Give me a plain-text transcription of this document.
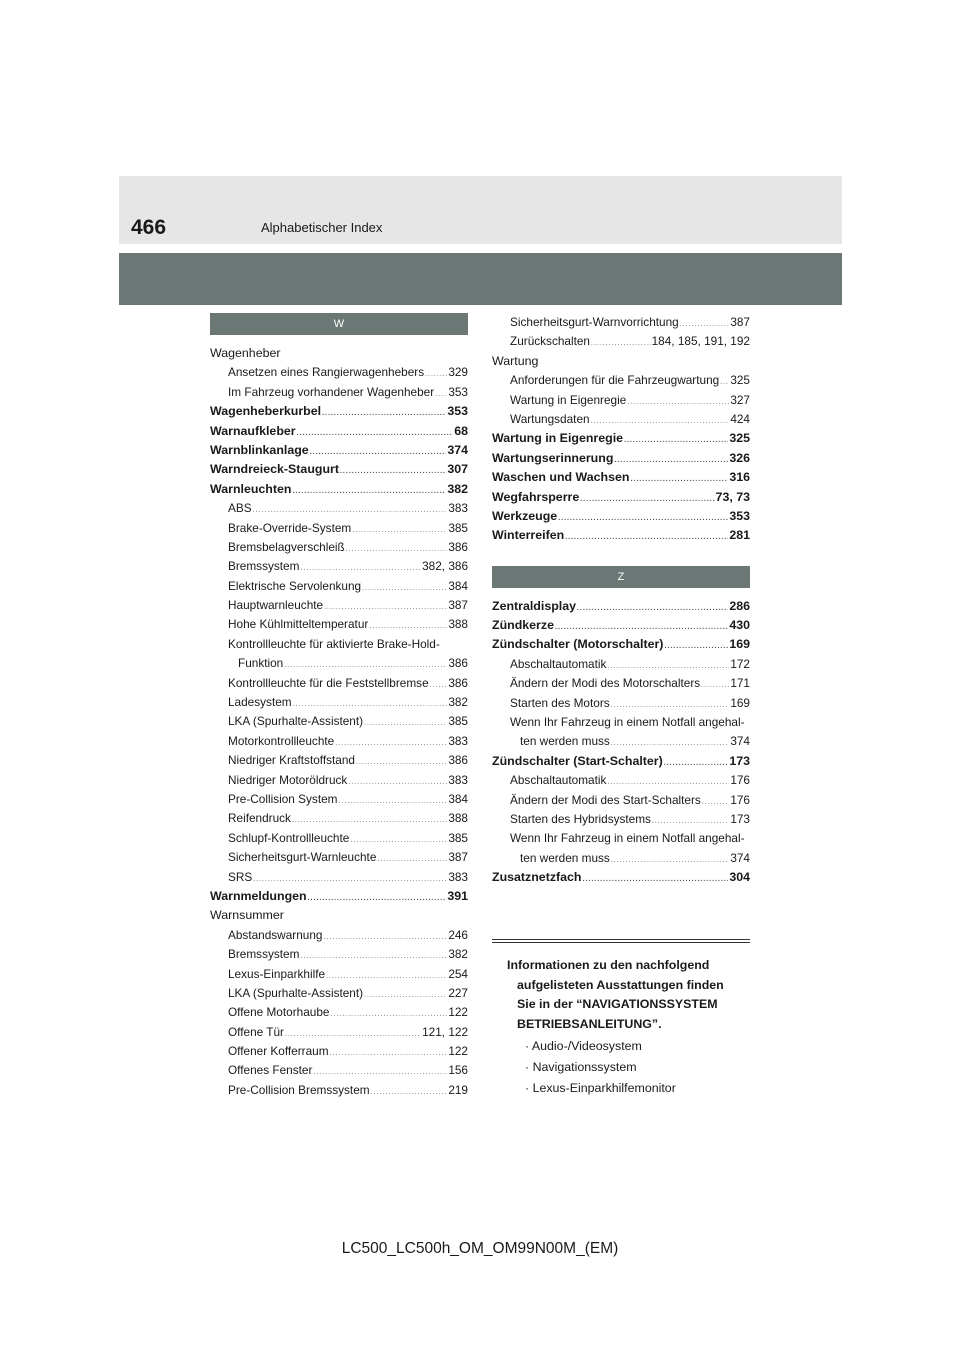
466	Alphabetischer Index
W
Wagenheber
Ansetzen eines Rangierwagenhebers ..... 329
Im Fahrzeug vorhandener Wagenheber ..... 353
Wagenheberkurbel .....	353
Warnaufkleber .....	68
Warnblinkanlage .....	374
Warndreieck-Staugurt .....	307
Warnleuchten .....	382
ABS .....	383
Brake-Override-System .....	385
Bremsbelagverschleiß .....	386
Bremssystem .....	382, 386
Elektrische Servolenkung .....	384
Hauptwarnleuchte .....	387
Hohe Kühlmitteltemperatur .....	388
Kontrollleuchte für aktivierte Brake-Hold-
Funktion .....	386
Kontrollleuchte für die Feststellbremse ..... 386
Ladesystem .....	382
LKA (Spurhalte-Assistent) .....	385
Motorkontrollleuchte .....	383
Niedriger Kraftstoffstand .....	386
Niedriger Motoröldruck .....	383
Pre-Collision System .....	384
Reifendruck .....	388
Schlupf-Kontrollleuchte .....	385
Sicherheitsgurt-Warnleuchte .....	387
SRS .....	383
Warnmeldungen .....	391
Warnsummer
Abstandswarnung .....	246
Bremssystem .....	382
Lexus-Einparkhilfe .....	254
LKA (Spurhalte-Assistent) .....	227
Offene Motorhaube .....	122
Offene Tür .....	121, 122
Offener Kofferraum .....	122
Offenes Fenster .....	156
Pre-Collision Bremssystem .....	219
Sicherheitsgurt-Warnvorrichtung .....	387
Zurückschalten .....	184, 185, 191, 192
Wartung
Anforderungen für die Fahrzeugwartung ..... 325
Wartung in Eigenregie .....	327
Wartungsdaten .....	424
Wartung in Eigenregie .....	325
Wartungserinnerung .....	326
Waschen und Wachsen .....	316
Wegfahrsperre .....	73, 73
Werkzeuge .....	353
Winterreifen .....	281
Z
Zentraldisplay .....	286
Zündkerze .....	430
Zündschalter (Motorschalter) .....	169
Abschaltautomatik .....	172
Ändern der Modi des Motorschalters .....	171
Starten des Motors .....	169
Wenn Ihr Fahrzeug in einem Notfall angehal-
ten werden muss .....	374
Zündschalter (Start-Schalter) .....	173
Abschaltautomatik .....	176
Ändern der Modi des Start-Schalters .....	176
Starten des Hybridsystems .....	173
Wenn Ihr Fahrzeug in einem Notfall angehal-
ten werden muss .....	374
Zusatznetzfach .....	304
Informationen zu den nachfolgend
aufgelisteten Ausstattungen finden
Sie in der “NAVIGATIONSSYSTEM
BETRIEBSANLEITUNG”.
· Audio-/Videosystem
· Navigationssystem
· Lexus-Einparkhilfemonitor
LC500_LC500h_OM_OM99N00M_(EM)
